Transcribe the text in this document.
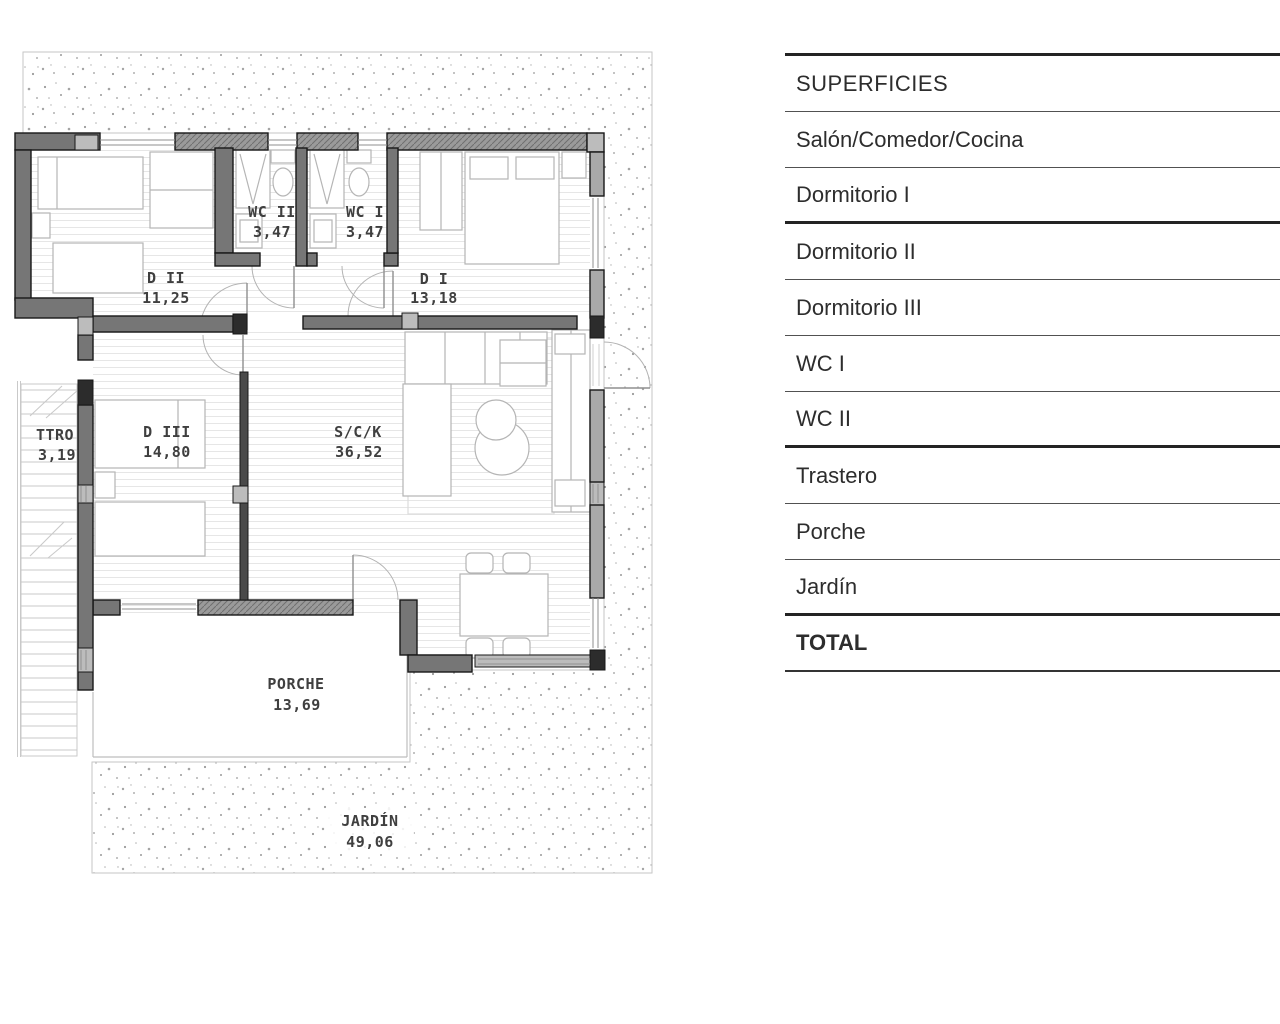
WC II
3,47
WC I
3,47
D II
11,25
D I
13,18
TTRO
3,19
D III
14,80
S/C/K
36,52
PORCHE
13,69
JARDÍN
49,06
SUPERFICIES
Salón/Comedor/Cocina
Dormitorio I
Dormitorio II
Dormitorio III
WC I
WC II
Trastero
Porche
Jardín
TOTAL
